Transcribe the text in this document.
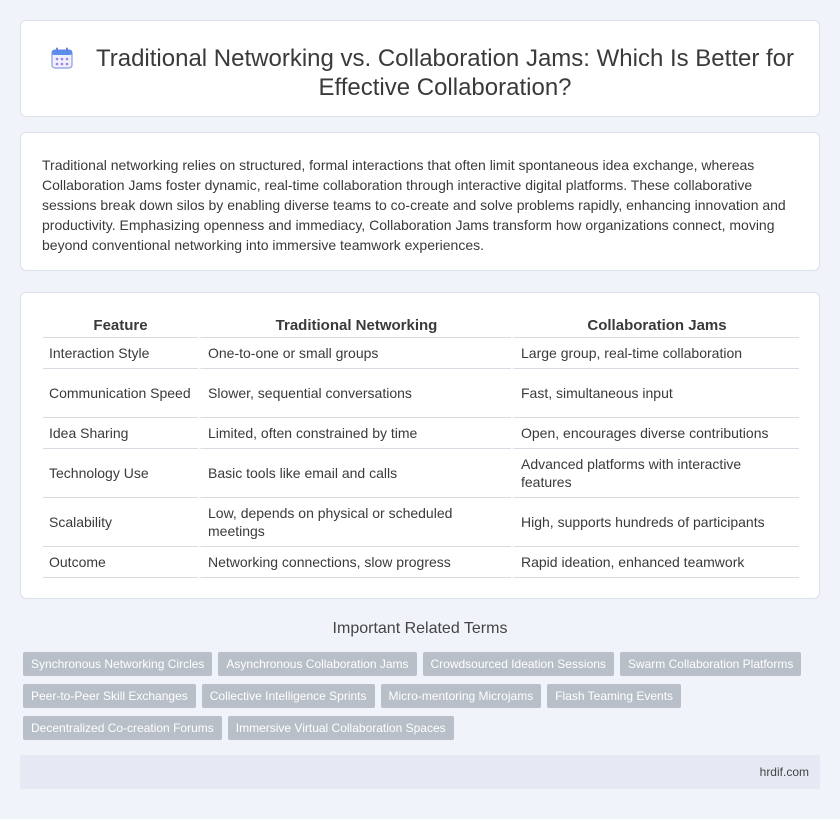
Traditional Networking vs. Collaboration Jams: Which Is Better for Effective Collaboration?

Traditional networking relies on structured, formal interactions that often limit spontaneous idea exchange, whereas Collaboration Jams foster dynamic, real-time collaboration through interactive digital platforms. These collaborative sessions break down silos by enabling diverse teams to co-create and solve problems rapidly, enhancing innovation and productivity. Emphasizing openness and immediacy, Collaboration Jams transform how organizations connect, moving beyond conventional networking into immersive teamwork experiences.

Feature	Traditional Networking	Collaboration Jams
Interaction Style	One-to-one or small groups	Large group, real-time collaboration
Communication Speed	Slower, sequential conversations	Fast, simultaneous input
Idea Sharing	Limited, often constrained by time	Open, encourages diverse contributions
Technology Use	Basic tools like email and calls	Advanced platforms with interactive features
Scalability	Low, depends on physical or scheduled meetings	High, supports hundreds of participants
Outcome	Networking connections, slow progress	Rapid ideation, enhanced teamwork
Important Related Terms
Synchronous Networking Circles	Asynchronous Collaboration Jams	Crowdsourced Ideation Sessions	Swarm Collaboration Platforms
Peer-to-Peer Skill Exchanges	Collective Intelligence Sprints	Micro-mentoring Microjams	Flash Teaming Events
Decentralized Co-creation Forums	Immersive Virtual Collaboration Spaces
hrdif.com
